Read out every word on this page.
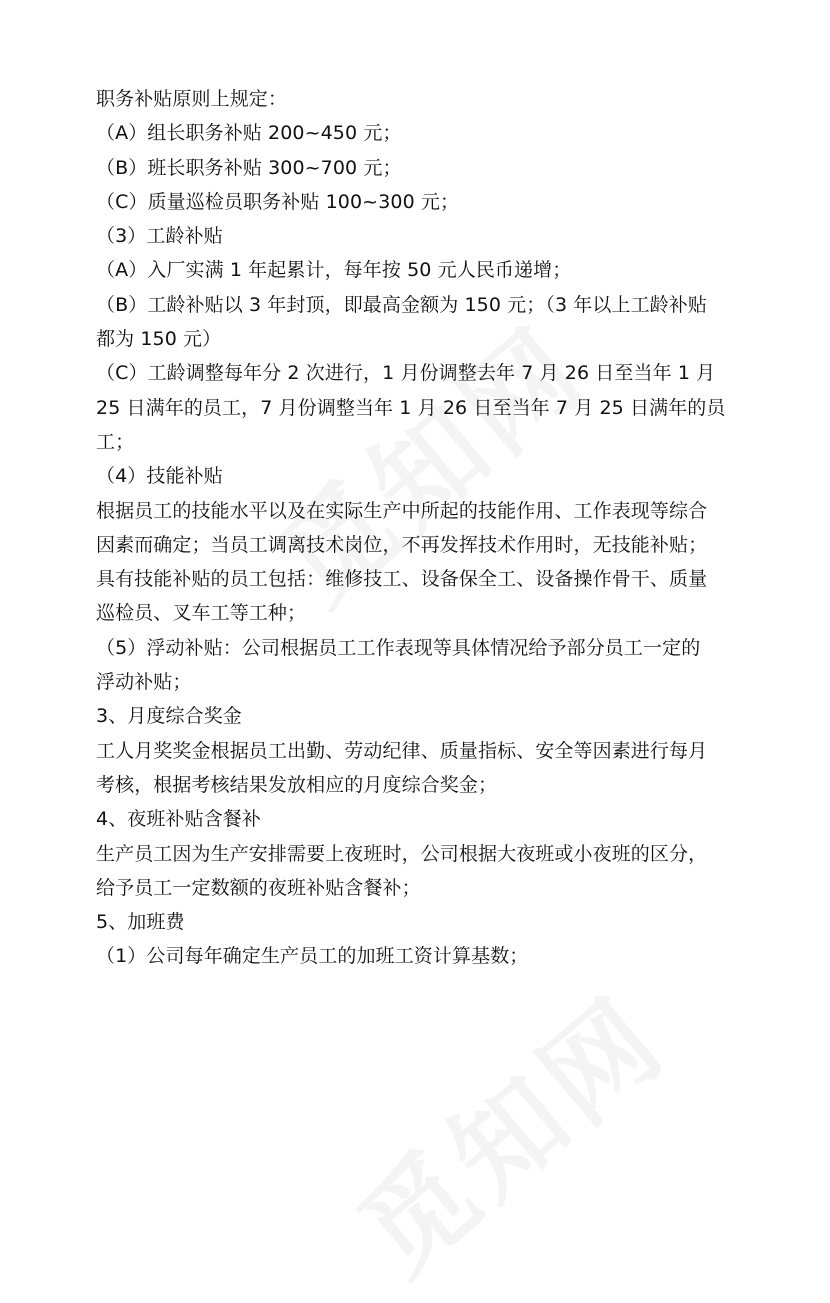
职务补贴原则上规定：
（A）组长职务补贴 200~450 元；
（B）班长职务补贴 300~700 元；
（C）质量巡检员职务补贴 100~300 元；
（3）工龄补贴
（A）入厂实满 1 年起累计，每年按 50 元人民币递增；
（B）工龄补贴以 3 年封顶，即最高金额为 150 元；（3 年以上工龄补贴
都为 150 元）
（C）工龄调整每年分 2 次进行，1 月份调整去年 7 月 26 日至当年 1 月
25 日满年的员工，7 月份调整当年 1 月 26 日至当年 7 月 25 日满年的员
工；
（4）技能补贴
根据员工的技能水平以及在实际生产中所起的技能作用、工作表现等综合
因素而确定；当员工调离技术岗位，不再发挥技术作用时，无技能补贴；
具有技能补贴的员工包括：维修技工、设备保全工、设备操作骨干、质量
巡检员、叉车工等工种；
（5）浮动补贴：公司根据员工工作表现等具体情况给予部分员工一定的
浮动补贴；
3、月度综合奖金
工人月奖奖金根据员工出勤、劳动纪律、质量指标、安全等因素进行每月
考核，根据考核结果发放相应的月度综合奖金；
4、夜班补贴含餐补
生产员工因为生产安排需要上夜班时，公司根据大夜班或小夜班的区分，
给予员工一定数额的夜班补贴含餐补；
5、加班费
（1）公司每年确定生产员工的加班工资计算基数；
